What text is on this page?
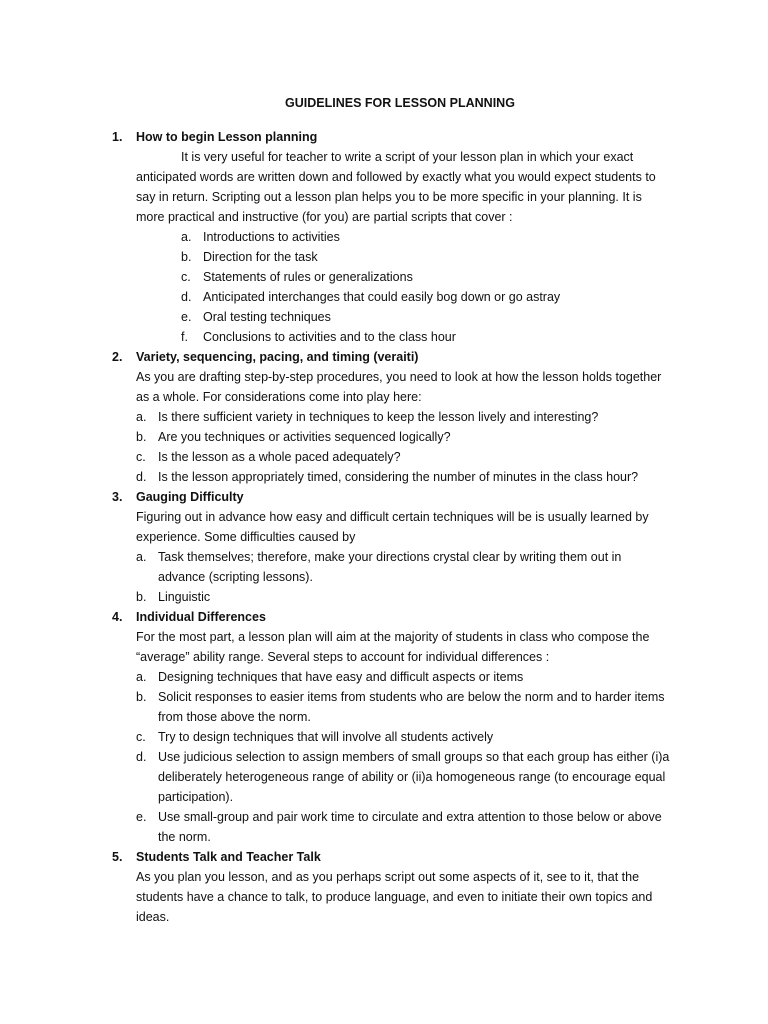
GUIDELINES FOR LESSON PLANNING
1. How to begin Lesson planning
It is very useful for teacher to write a script of your lesson plan in which your exact
anticipated words are written down and followed by exactly what you would expect students to
say in return. Scripting out a lesson plan helps you to be more specific in your planning. It is
more practical and instructive (for you) are partial scripts that cover :
a. Introductions to activities
b. Direction for the task
c. Statements of rules or generalizations
d. Anticipated interchanges that could easily bog down or go astray
e. Oral testing techniques
f. Conclusions to activities and to the class hour
2. Variety, sequencing, pacing, and timing (veraiti)
As you are drafting step-by-step procedures, you need to look at how the lesson holds together
as a whole. For considerations come into play here:
a. Is there sufficient variety in techniques to keep the lesson lively and interesting?
b. Are you techniques or activities sequenced logically?
c. Is the lesson as a whole paced adequately?
d. Is the lesson appropriately timed, considering the number of minutes in the class hour?
3. Gauging Difficulty
Figuring out in advance how easy and difficult certain techniques will be is usually learned by
experience. Some difficulties caused by
a. Task themselves; therefore, make your directions crystal clear by writing them out in
advance (scripting lessons).
b. Linguistic
4. Individual Differences
For the most part, a lesson plan will aim at the majority of students in class who compose the
“average” ability range. Several steps to account for individual differences :
a. Designing techniques that have easy and difficult aspects or items
b. Solicit responses to easier items from students who are below the norm and to harder items
from those above the norm.
c. Try to design techniques that will involve all students actively
d. Use judicious selection to assign members of small groups so that each group has either (i)a
deliberately heterogeneous range of ability or (ii)a homogeneous range (to encourage equal
participation).
e. Use small-group and pair work time to circulate and extra attention to those below or above
the norm.
5. Students Talk and Teacher Talk
As you plan you lesson, and as you perhaps script out some aspects of it, see to it, that the
students have a chance to talk, to produce language, and even to initiate their own topics and
ideas.
